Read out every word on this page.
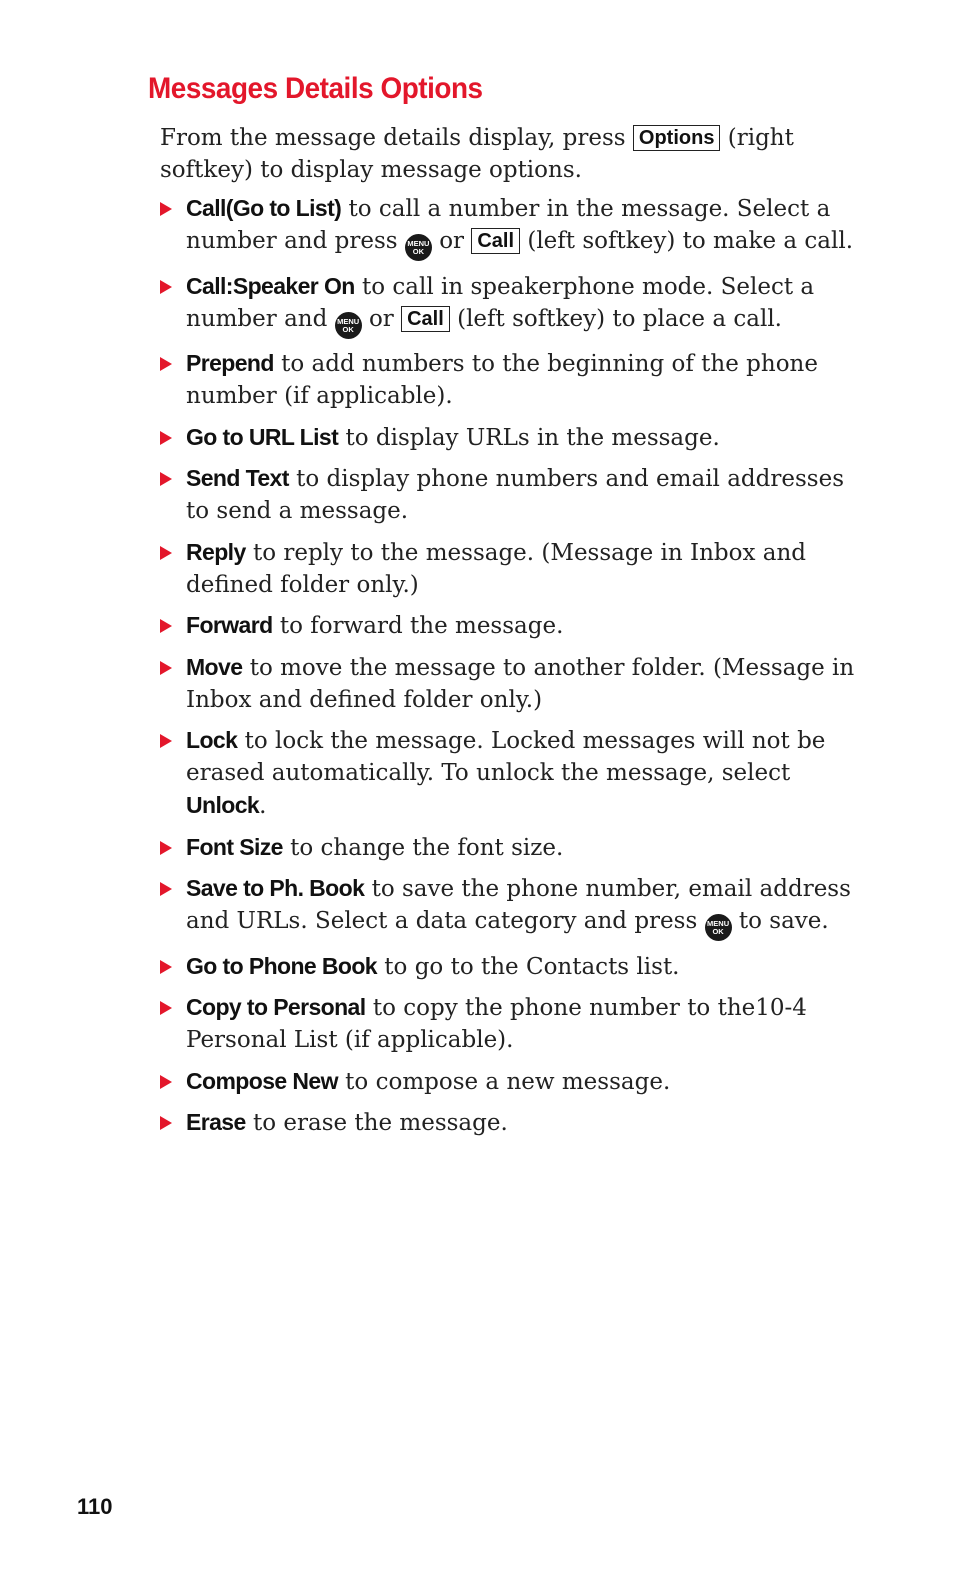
Messages Details Options

From the message details display, press Options (right softkey) to display message options.

Call(Go to List) to call a number in the message. Select a number and press MENU
OK or Call (left softkey) to make a call.
Call:Speaker On to call in speakerphone mode. Select a number and MENU
OK or Call (left softkey) to place a call.
Prepend to add numbers to the beginning of the phone number (if applicable).
Go to URL List to display URLs in the message.
Send Text to display phone numbers and email addresses to send a message.
Reply to reply to the message. (Message in Inbox and defined folder only.)
Forward to forward the message.
Move to move the message to another folder. (Message in Inbox and defined folder only.)
Lock to lock the message. Locked messages will not be erased automatically. To unlock the message, select Unlock.
Font Size to change the font size.
Save to Ph. Book to save the phone number, email address and URLs. Select a data category and press MENU
OK to save.
Go to Phone Book to go to the Contacts list.
Copy to Personal to copy the phone number to the10-4 Personal List (if applicable).
Compose New to compose a new message.
Erase to erase the message.
110
